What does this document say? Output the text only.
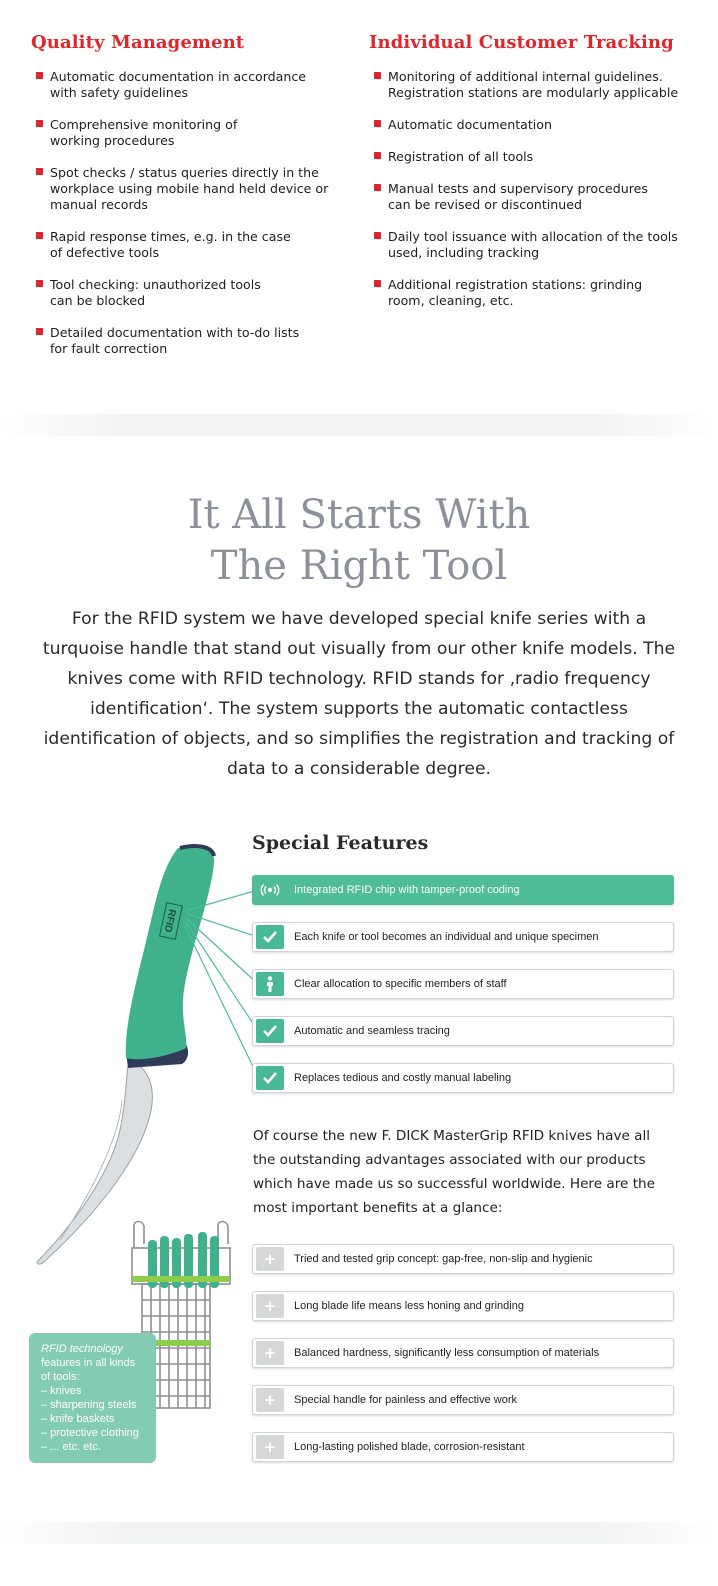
Quality Management
Automatic documentation in accordance
with safety guidelines
Comprehensive monitoring of
working procedures
Spot checks / status queries directly in the
workplace using mobile hand held device or
manual records
Rapid response times, e.g. in the case
of defective tools
Tool checking: unauthorized tools
can be blocked
Detailed documentation with to-do lists
for fault correction
Individual Customer Tracking
Monitoring of additional internal guidelines.
Registration stations are modularly applicable
Automatic documentation
Registration of all tools
Manual tests and supervisory procedures
can be revised or discontinued
Daily tool issuance with allocation of the tools
used, including tracking
Additional registration stations: grinding
room, cleaning, etc.
It All Starts With
The Right Tool
For the RFID system we have developed special knife series with a turquoise handle that stand out visually from our other knife models. The knives come with RFID technology. RFID stands for ‚radio frequency identification‘. The system supports the automatic contactless identification of objects, and so simplifies the registration and tracking of data to a considerable degree.
RFID
RFID technology
features in all kinds
of tools:
– knives
– sharpening steels
– knife baskets
– protective clothing
– ... etc. etc.
Special Features
Integrated RFID chip with tamper-proof coding
Each knife or tool becomes an individual and unique specimen
Clear allocation to specific members of staff
Automatic and seamless tracing
Replaces tedious and costly manual labeling
Of course the new F. DICK MasterGrip RFID knives have all the outstanding advantages associated with our products which have made us so successful worldwide. Here are the most important benefits at a glance:
+	Tried and tested grip concept: gap-free, non-slip and hygienic
+	Long blade life means less honing and grinding
+	Balanced hardness, significantly less consumption of materials
+	Special handle for painless and effective work
+	Long-lasting polished blade, corrosion-resistant
